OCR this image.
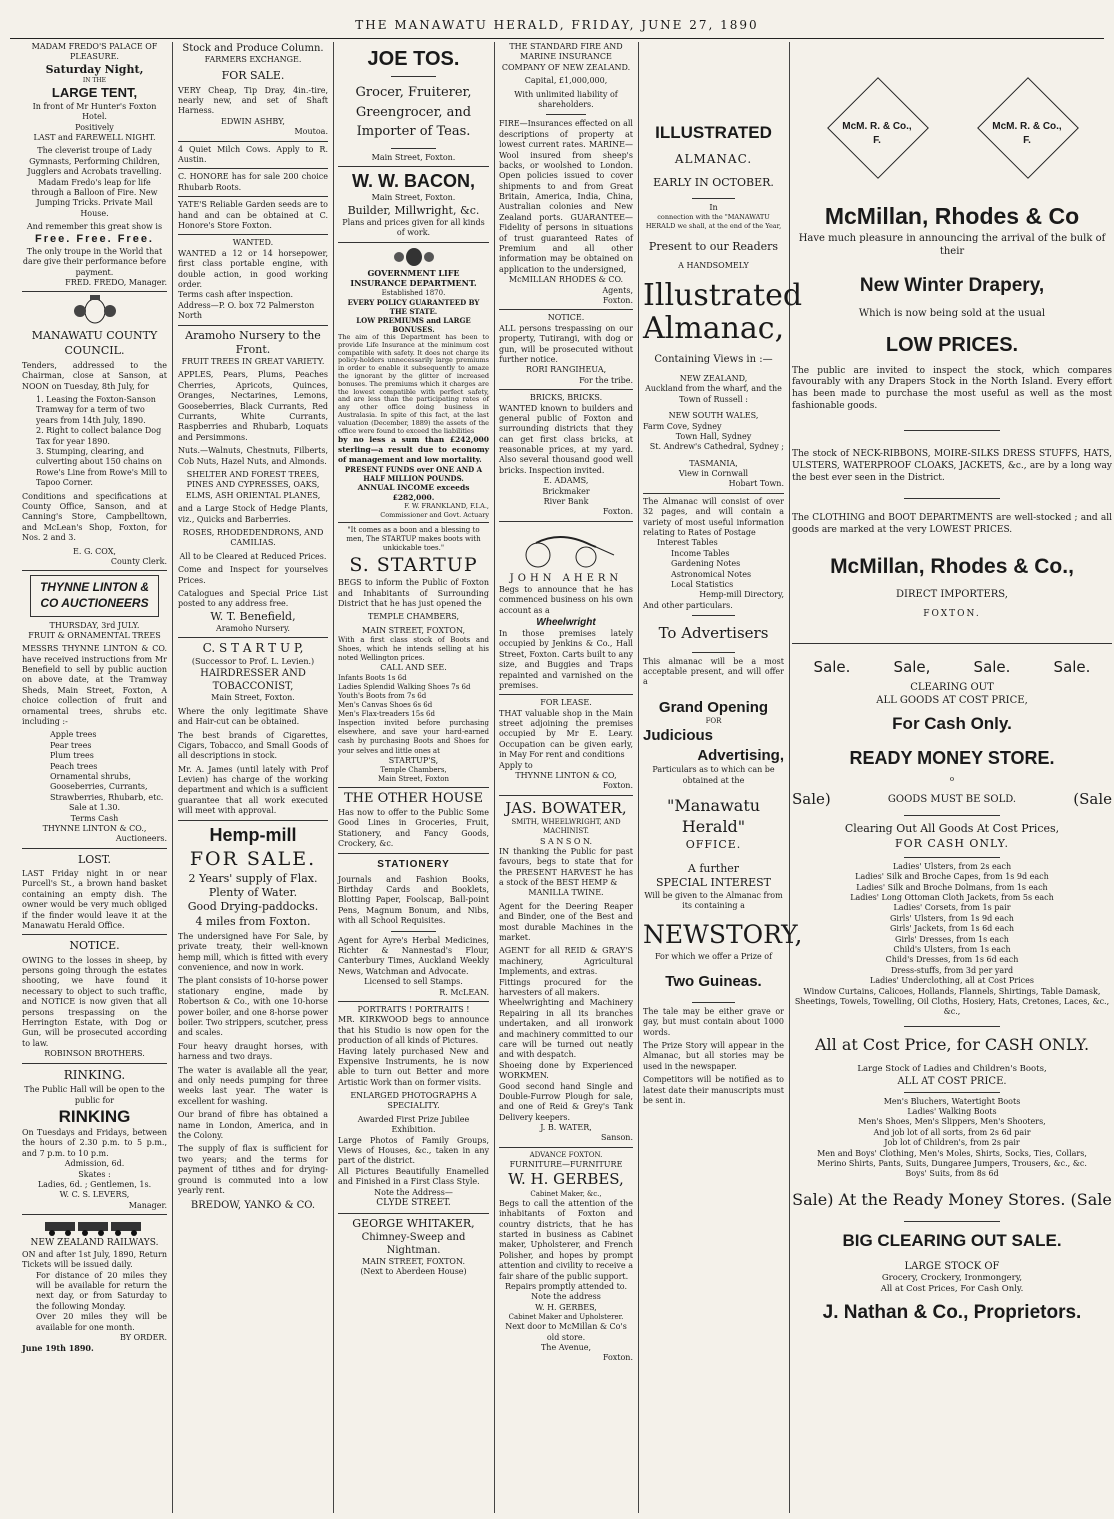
THE MANAWATU HERALD, FRIDAY, JUNE 27, 1890
MADAM FREDO'S PALACE OF PLEASURE.
Saturday Night,
IN THE
LARGE TENT,
In front of Mr Hunter's Foxton Hotel.
Positively
LAST and FAREWELL NIGHT.
The cleverist troupe of Lady Gymnasts, Performing Children, Jugglers and Acrobats travelling. Madam Fredo's leap for life through a Balloon of Fire. New Jumping Tricks. Private Mail House.
And remember this great show is
Free. Free. Free.
The only troupe in the World that dare give their performance before payment.
FRED. FREDO, Manager.
MANAWATU COUNTY COUNCIL.
Tenders, addressed to the Chairman, close at Sanson, at NOON on Tuesday, 8th July, for
1. Leasing the Foxton-Sanson Tramway for a term of two years from 14th July, 1890.
2. Right to collect balance Dog Tax for year 1890.
3. Stumping, clearing, and culverting about 150 chains on Rowe's Line from Rowe's Mill to Tapoo Corner.
Conditions and specifications at County Office, Sanson, and at Canning's Store, Campbelltown, and McLean's Shop, Foxton, for Nos. 2 and 3.
E. G. COX,
County Clerk.
THYNNE LINTON & CO AUCTIONEERS
THURSDAY, 3rd JULY.
FRUIT & ORNAMENTAL TREES
MESSRS THYNNE LINTON & CO. have received instructions from Mr Benefield to sell by public auction on above date, at the Tramway Sheds, Main Street, Foxton, A choice collection of fruit and ornamental trees, shrubs etc. including :-
Apple trees
Pear trees
Plum trees
Peach trees
Ornamental shrubs, Gooseberries, Currants, Strawberries, Rhubarb, etc.
Sale at 1.30.
Terms Cash
THYNNE LINTON & CO.,
Auctioneers.
LOST.
LAST Friday night in or near Purcell's St., a brown hand basket containing an empty dish. The owner would be very much obliged if the finder would leave it at the Manawatu Herald Office.
NOTICE.
OWING to the losses in sheep, by persons going through the estates shooting, we have found it necessary to object to such traffic, and NOTICE is now given that all persons trespassing on the Herrington Estate, with Dog or Gun, will be prosecuted according to law.
ROBINSON BROTHERS.
RINKING.
The Public Hall will be open to the public for
RINKING
On Tuesdays and Fridays, between the hours of 2.30 p.m. to 5 p.m., and 7 p.m. to 10 p.m.
Admission, 6d.
Skates :
Ladies, 6d. ; Gentlemen, 1s.
W. C. S. LEVERS,
Manager.
NEW ZEALAND RAILWAYS.
ON and after 1st July, 1890, Return Tickets will be issued daily.
For distance of 20 miles they will be available for return the next day, or from Saturday to the following Monday.
Over 20 miles they will be available for one month.
BY ORDER.
June 19th 1890.
Stock and Produce Column.
FARMERS EXCHANGE.
FOR SALE.
VERY Cheap, Tip Dray, 4in.-tire, nearly new, and set of Shaft Harness.
EDWIN ASHBY,
Moutoa.
4 Quiet Milch Cows. Apply to R. Austin.
C. HONORE has for sale 200 choice Rhubarb Roots.
YATE'S Reliable Garden seeds are to hand and can be obtained at C. Honore's Store Foxton.
WANTED.
WANTED a 12 or 14 horsepower, first class portable engine, with double action, in good working order.
Terms cash after inspection.
Address—P. O. box 72 Palmerston North
Aramoho Nursery to the Front.
FRUIT TREES IN GREAT VARIETY.
APPLES, Pears, Plums, Peaches Cherries, Apricots, Quinces, Oranges, Nectarines, Lemons, Gooseberries, Black Currants, Red Currants, White Currants, Raspberries and Rhubarb, Loquats and Persimmons.
Nuts.—Walnuts, Chestnuts, Filberts, Cob Nuts, Hazel Nuts, and Almonds.
SHELTER AND FOREST TREES, PINES AND CYPRESSES, OAKS, ELMS, ASH ORIENTAL PLANES,
and a Large Stock of Hedge Plants, viz., Quicks and Barberries.
ROSES, RHODEDENDRONS, AND CAMILIAS.
All to be Cleared at Reduced Prices.
Come and Inspect for yourselves Prices.
Catalogues and Special Price List posted to any address free.
W. T. Benefield,
Aramoho Nursery.
C. S T A R T U P,
(Successor to Prof. L. Levien.)
HAIRDRESSER AND TOBACCONIST,
Main Street, Foxton.
Where the only legitimate Shave and Hair-cut can be obtained.
The best brands of Cigarettes, Cigars, Tobacco, and Small Goods of all descriptions in stock.
Mr. A. James (until lately with Prof Levien) has charge of the working department and which is a sufficient guarantee that all work executed will meet with approval.
Hemp-mill
FOR SALE.
2 Years' supply of Flax.
Plenty of Water.
Good Drying-paddocks.
4 miles from Foxton.
The undersigned have For Sale, by private treaty, their well-known hemp mill, which is fitted with every convenience, and now in work.
The plant consists of 10-horse power stationary engine, made by Robertson & Co., with one 10-horse power boiler, and one 8-horse power boiler. Two strippers, scutcher, press and scales.
Four heavy draught horses, with harness and two drays.
The water is available all the year, and only needs pumping for three weeks last year. The water is excellent for washing.
Our brand of fibre has obtained a name in London, America, and in the Colony.
The supply of flax is sufficient for two years; and the terms for payment of tithes and for drying-ground is commuted into a low yearly rent.
BREDOW, YANKO & CO.
JOE TOS.
Grocer, Fruiterer, Greengrocer, and Importer of Teas.
Main Street, Foxton.
W. W. BACON,
Main Street, Foxton.
Builder, Millwright, &c.
Plans and prices given for all kinds of work.
GOVERNMENT LIFE INSURANCE DEPARTMENT.
Established 1870.
EVERY POLICY GUARANTEED BY THE STATE.
LOW PREMIUMS and LARGE BONUSES.
The aim of this Department has been to provide Life Insurance at the minimum cost compatible with safety. It does not charge its policy-holders unnecessarily large premiums in order to enable it subsequently to amaze the ignorant by the glitter of increased bonuses. The premiums which it charges are the lowest compatible with perfect safety, and are less than the participating rates of any other office doing business in Australasia. In spite of this fact, at the last valuation (December, 1889) the assets of the office were found to exceed the liabilities
by no less a sum than £242,000 sterling—a result due to economy of management and low mortality.
PRESENT FUNDS over ONE AND A HALF MILLION POUNDS.
ANNUAL INCOME exceeds £282,000.
F. W. FRANKLAND, F.I.A.,
Commissioner and Govt. Actuary
"It comes as a boon and a blessing to men, The STARTUP makes boots with unkickable toes."
S. STARTUP
BEGS to inform the Public of Foxton and Inhabitants of Surrounding District that he has just opened the
TEMPLE CHAMBERS,
MAIN STREET, FOXTON,
With a first class stock of Boots and Shoes, which he intends selling at his noted Wellington prices.
CALL AND SEE.
Infants Boots 1s 6d
Ladies Splendid Walking Shoes 7s 6d
Youth's Boots from 7s 6d
Men's Canvas Shoes 6s 6d
Men's Flax-treaders 15s 6d
Inspection invited before purchasing elsewhere, and save your hard-earned cash by purchasing Boots and Shoes for your selves and little ones at
STARTUP'S,
Temple Chambers,
Main Street, Foxton
THE OTHER HOUSE
Has now to offer to the Public Some Good Lines in Groceries, Fruit, Stationery, and Fancy Goods, Crockery, &c.
STATIONERY
Journals and Fashion Books, Birthday Cards and Booklets, Blotting Paper, Foolscap, Ball-point Pens, Magnum Bonum, and Nibs, with all School Requisites.
Agent for Ayre's Herbal Medicines, Richter & Nannestad's Flour, Canterbury Times, Auckland Weekly News, Watchman and Advocate.
Licensed to sell Stamps.
R. McLEAN.
PORTRAITS ! PORTRAITS !
MR. KIRKWOOD begs to announce that his Studio is now open for the production of all kinds of Pictures.
Having lately purchased New and Expensive Instruments, he is now able to turn out Better and more Artistic Work than on former visits.
ENLARGED PHOTOGRAPHS A SPECIALITY.
Awarded First Prize Jubilee Exhibition.
Large Photos of Family Groups, Views of Houses, &c., taken in any part of the district.
All Pictures Beautifully Enamelled and Finished in a First Class Style.
Note the Address—
CLYDE STREET.
GEORGE WHITAKER,
Chimney-Sweep and Nightman.
MAIN STREET, FOXTON.
(Next to Aberdeen House)
THE STANDARD FIRE AND MARINE INSURANCE COMPANY OF NEW ZEALAND.
Capital, £1,000,000,
With unlimited liability of shareholders.
FIRE—Insurances effected on all descriptions of property at lowest current rates. MARINE—Wool insured from sheep's backs, or woolshed to London. Open policies issued to cover shipments to and from Great Britain, America, India, China, Australian colonies and New Zealand ports. GUARANTEE—Fidelity of persons in situations of trust guaranteed Rates of Premium and all other information may be obtained on application to the undersigned,
McMILLAN RHODES & CO.
Agents,
Foxton.
NOTICE.
ALL persons trespassing on our property, Tutirangi, with dog or gun, will be prosecuted without further notice.
RORI RANGIHEUA,
For the tribe.
BRICKS, BRICKS.
WANTED known to builders and general public of Foxton and surrounding districts that they can get first class bricks, at reasonable prices, at my yard. Also several thousand good well bricks. Inspection invited.
E. ADAMS,
Brickmaker
River Bank
Foxton.
JOHN AHERN
Begs to announce that he has commenced business on his own account as a
Wheelwright
In those premises lately occupied by Jenkins & Co., Hall Street, Foxton. Carts built to any size, and Buggies and Traps repainted and varnished on the premises.
FOR LEASE.
THAT valuable shop in the Main street adjoining the premises occupied by Mr E. Leary. Occupation can be given early, in May For rent and conditions
Apply to
THYNNE LINTON & CO,
Foxton.
JAS. BOWATER,
SMITH, WHEELWRIGHT, AND MACHINIST.
S A N S O N.
IN thanking the Public for past favours, begs to state that for the PRESENT HARVEST he has a stock of the BEST HEMP &
MANILLA TWINE.
Agent for the Deering Reaper and Binder, one of the Best and most durable Machines in the market.
AGENT for all REID & GRAY'S machinery, Agricultural Implements, and extras.
Fittings procured for the harvesters of all makers.
Wheelwrighting and Machinery Repairing in all its branches undertaken, and all ironwork and machinery committed to our care will be turned out neatly and with despatch.
Shoeing done by Experienced WORKMEN.
Good second hand Single and Double-Furrow Plough for sale, and one of Reid & Grey's Tank Delivery keepers.
J. B. WATER,
Sanson.
ADVANCE FOXTON.
FURNITURE—FURNITURE
W. H. GERBES,
Cabinet Maker, &c.,
Begs to call the attention of the inhabitants of Foxton and country districts, that he has started in business as Cabinet maker, Upholsterer, and French Polisher, and hopes by prompt attention and civility to receive a fair share of the public support.
Repairs promptly attended to.
Note the address
W. H. GERBES,
Cabinet Maker and Upholsterer.
Next door to McMillan & Co's old store.
The Avenue,
Foxton.
ILLUSTRATED
ALMANAC.
EARLY IN OCTOBER.
In
connection with the "MANAWATU HERALD we shall, at the end of the Year,
Present to our Readers
A HANDSOMELY
Illustrated
Almanac,
Containing Views in :—
NEW ZEALAND,
Auckland from the wharf, and the Town of Russell :
NEW SOUTH WALES,
Farm Cove, Sydney
Town Hall, Sydney
St. Andrew's Cathedral, Sydney ;
TASMANIA,
View in Cornwall
Hobart Town.
The Almanac will consist of over 32 pages, and will contain a variety of most useful information relating to Rates of Postage
Interest Tables
Income Tables
Gardening Notes
Astronomical Notes
Local Statistics
Hemp-mill Directory,
And other particulars.
To Advertisers
This almanac will be a most acceptable present, and will offer a
Grand Opening
FOR
Judicious
Advertising,
Particulars as to which can be obtained at the
"Manawatu Herald"
OFFICE.
A further
SPECIAL INTEREST
Will be given to the Almanac from its containing a
NEW STORY,
For which we offer a Prize of
Two Guineas.
The tale may be either grave or gay, but must contain about 1000 words.
The Prize Story will appear in the Almanac, but all stories may be used in the newspaper.
Competitors will be notified as to latest date their manuscripts must be sent in.
McM. R. & Co.,
F.
McM. R. & Co.,
F.
McMillan, Rhodes & Co
Have much pleasure in announcing the arrival of the bulk of their
New Winter Drapery,
Which is now being sold at the usual
LOW PRICES.
The public are invited to inspect the stock, which compares favourably with any Drapers Stock in the North Island. Every effort has been made to purchase the most useful as well as the most fashionable goods.
The stock of NECK-RIBBONS, MOIRE-SILKS DRESS STUFFS, HATS, ULSTERS, WATERPROOF CLOAKS, JACKETS, &c., are by a long way the best ever seen in the District.
The CLOTHING and BOOT DEPARTMENTS are well-stocked ; and all goods are marked at the very LOWEST PRICES.
McMillan, Rhodes & Co.,
DIRECT IMPORTERS,
FOXTON.
Sale.	Sale,	Sale.	Sale.
CLEARING OUT
ALL GOODS AT COST PRICE,
For Cash Only.
READY MONEY STORE.
o
Sale)	GOODS MUST BE SOLD.	(Sale
Clearing Out All Goods At Cost Prices,
FOR CASH ONLY.
Ladies' Ulsters, from 2s each
Ladies' Silk and Broche Capes, from 1s 9d each
Ladies' Silk and Broche Dolmans, from 1s each
Ladies' Long Ottoman Cloth Jackets, from 5s each
Ladies' Corsets, from 1s pair
Girls' Ulsters, from 1s 9d each
Girls' Jackets, from 1s 6d each
Girls' Dresses, from 1s each
Child's Ulsters, from 1s each
Child's Dresses, from 1s 6d each
Dress-stuffs, from 3d per yard
Ladies' Underclothing, all at Cost Prices
Window Curtains, Calicoes, Hollands, Flannels, Shirtings, Table Damask, Sheetings, Towels, Towelling, Oil Cloths, Hosiery, Hats, Cretones, Laces, &c., &c.,
All at Cost Price, for CASH ONLY.
Large Stock of Ladies and Children's Boots,
ALL AT COST PRICE.
Men's Bluchers, Watertight Boots
Ladies' Walking Boots
Men's Shoes, Men's Slippers, Men's Shooters,
And job lot of all sorts, from 2s 6d pair
Job lot of Children's, from 2s pair
Men and Boys' Clothing, Men's Moles, Shirts, Socks, Ties, Collars,
Merino Shirts, Pants, Suits, Dungaree Jumpers, Trousers, &c., &c.
Boys' Suits, from 8s 6d
Sale) At the Ready Money Stores. (Sale
BIG CLEARING OUT SALE.
LARGE STOCK OF
Grocery, Crockery, Ironmongery,
All at Cost Prices, For Cash Only.
J. Nathan & Co., Proprietors.
